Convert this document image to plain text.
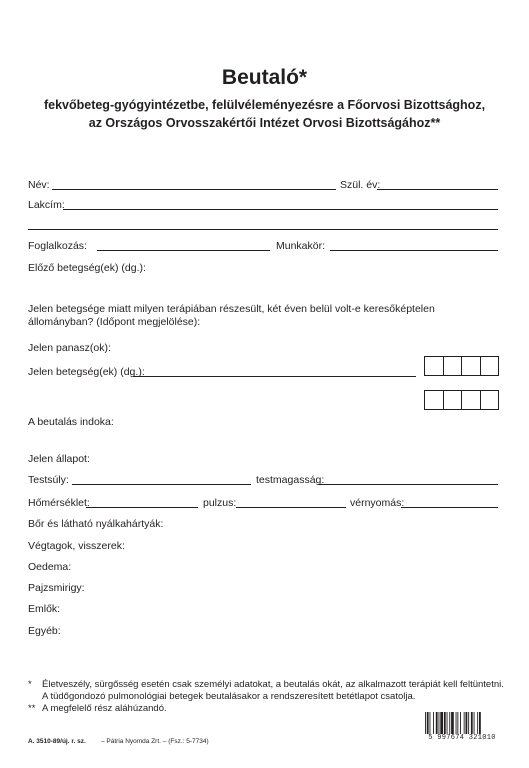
Beutaló*
fekvőbeteg-gyógyintézetbe, felülvéleményezésre a Főorvosi Bizottsághoz,
az Országos Orvosszakértői Intézet Orvosi Bizottságához**
Név:	Szül. év:
Lakcím:
Foglalkozás:	Munkakör:
Előző betegség(ek) (dg.):
Jelen betegsége miatt milyen terápiában részesült, két éven belül volt-e keresőképtelen állományban? (Időpont megjelölése):
Jelen panasz(ok):
Jelen betegség(ek) (dg.):
A beutalás indoka:
Jelen állapot:
Testsúly:	testmagasság:
Hőmérséklet:	pulzus:	vérnyomás:
Bőr és látható nyálkahártyák:
Végtagok, visszerek:
Oedema:
Pajzsmirigy:
Emlők:
Egyéb:
* Életveszély, sürgősség esetén csak személyi adatokat, a beutalás okát, az alkalmazott terápiát kell feltüntetni.
A tüdőgondozó pulmonológiai betegek beutalásakor a rendszeresített betétlapot csatolja.
** A megfelelő rész aláhúzandó.
A. 3510-89/új. r. sz. – Pátria Nyomda Zrt. – (Fsz.: 5-7734)	5 997674 321010
